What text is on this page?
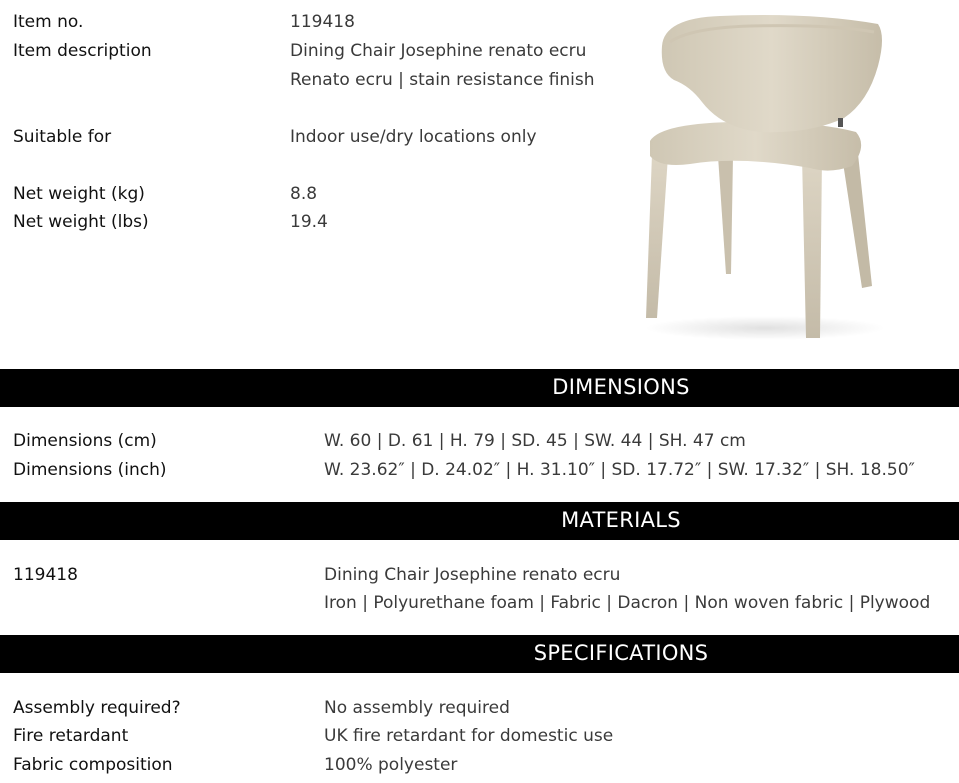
Item no.	119418
Item description	Dining Chair Josephine renato ecru
Renato ecru | stain resistance finish
Suitable for	Indoor use/dry locations only
Net weight (kg)	8.8
Net weight (lbs)	19.4
DIMENSIONS
Dimensions (cm)	W. 60 | D. 61 | H. 79 | SD. 45 | SW. 44 | SH. 47 cm
Dimensions (inch)	W. 23.62″ | D. 24.02″ | H. 31.10″ | SD. 17.72″ | SW. 17.32″ | SH. 18.50″
MATERIALS
119418	Dining Chair Josephine renato ecru
Iron | Polyurethane foam | Fabric | Dacron | Non woven fabric | Plywood
SPECIFICATIONS
Assembly required?	No assembly required
Fire retardant	UK fire retardant for domestic use
Fabric composition	100% polyester
